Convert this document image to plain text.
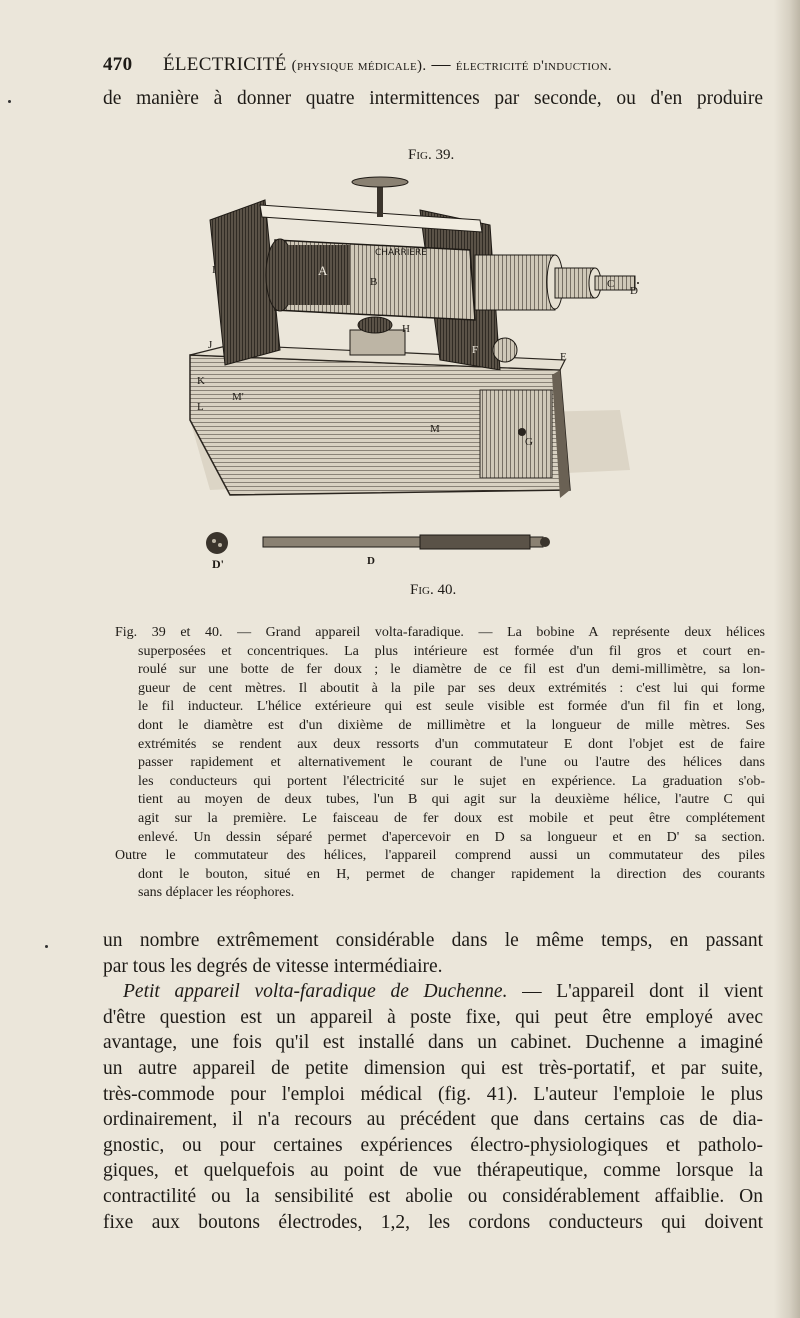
470 ÉLECTRICITÉ (physique médicale). — électricité d'induction.
de manière à donner quatre intermittences par seconde, ou d'en produire
Fig. 39.
CHARRIERE
A
B	C
D
E
F
G
H
I
J
K
L
M
M'
D'	D
Fig. 40.
Fig. 39 et 40. — Grand appareil volta-faradique. — La bobine A représente deux hélices
superposées et concentriques. La plus intérieure est formée d'un fil gros et court en-
roulé sur une botte de fer doux ; le diamètre de ce fil est d'un demi-millimètre, sa lon-
gueur de cent mètres. Il aboutit à la pile par ses deux extrémités : c'est lui qui forme
le fil inducteur. L'hélice extérieure qui est seule visible est formée d'un fil fin et long,
dont le diamètre est d'un dixième de millimètre et la longueur de mille mètres. Ses
extrémités se rendent aux deux ressorts d'un commutateur E dont l'objet est de faire
passer rapidement et alternativement le courant de l'une ou l'autre des hélices dans
les conducteurs qui portent l'électricité sur le sujet en expérience. La graduation s'ob-
tient au moyen de deux tubes, l'un B qui agit sur la deuxième hélice, l'autre C qui
agit sur la première. Le faisceau de fer doux est mobile et peut être complétement
enlevé. Un dessin séparé permet d'apercevoir en D sa longueur et en D' sa section.
Outre le commutateur des hélices, l'appareil comprend aussi un commutateur des piles
dont le bouton, situé en H, permet de changer rapidement la direction des courants
sans déplacer les réophores.
un nombre extrêmement considérable dans le même temps, en passant
par tous les degrés de vitesse intermédiaire.
Petit appareil volta-faradique de Duchenne. — L'appareil dont il vient
d'être question est un appareil à poste fixe, qui peut être employé avec
avantage, une fois qu'il est installé dans un cabinet. Duchenne a imaginé
un autre appareil de petite dimension qui est très-portatif, et par suite,
très-commode pour l'emploi médical (fig. 41). L'auteur l'emploie le plus
ordinairement, il n'a recours au précédent que dans certains cas de dia-
gnostic, ou pour certaines expériences électro-physiologiques et patholo-
giques, et quelquefois au point de vue thérapeutique, comme lorsque la
contractilité ou la sensibilité est abolie ou considérablement affaiblie. On
fixe aux boutons électrodes, 1,2, les cordons conducteurs qui doivent
